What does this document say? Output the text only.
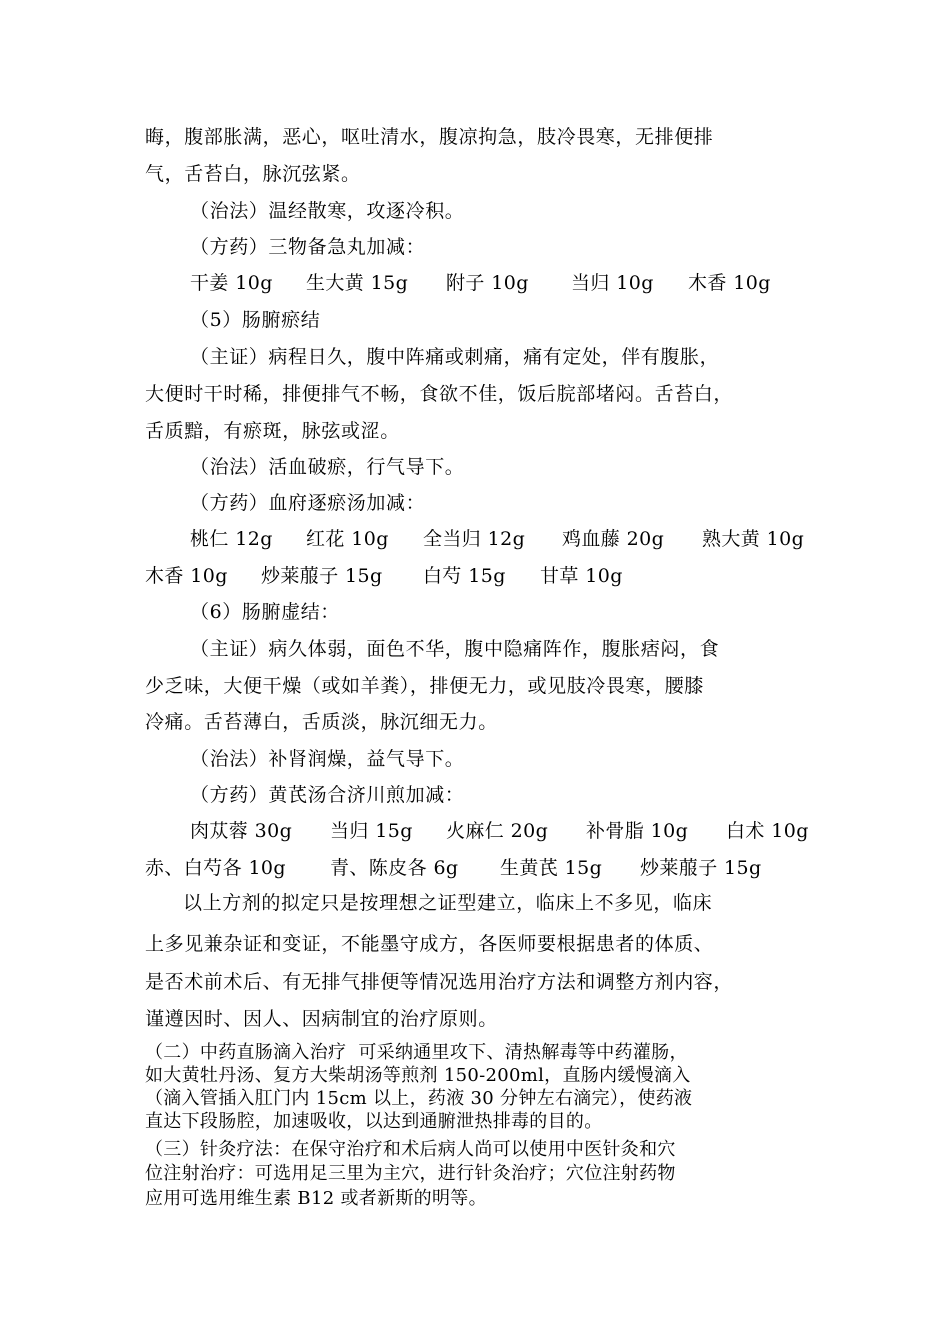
晦，腹部胀满，恶心，呕吐清水，腹凉拘急，肢冷畏寒，无排便排
气，舌苔白，脉沉弦紧。
（治法）温经散寒，攻逐冷积。
（方药）三物备急丸加减：
干姜 10g 生大黄 15g 附子 10g 当归 10g 木香 10g
（5）肠腑瘀结
（主证）病程日久，腹中阵痛或刺痛，痛有定处，伴有腹胀，
大便时干时稀，排便排气不畅，食欲不佳，饭后脘部堵闷。舌苔白，
舌质黯，有瘀斑，脉弦或涩。
（治法）活血破瘀，行气导下。
（方药）血府逐瘀汤加减：
桃仁 12g 红花 10g 全当归 12g 鸡血藤 20g 熟大黄 10g
木香 10g 炒莱菔子 15g 白芍 15g 甘草 10g
（6）肠腑虚结：
（主证）病久体弱，面色不华，腹中隐痛阵作，腹胀痞闷，食
少乏味，大便干燥（或如羊粪），排便无力，或见肢冷畏寒，腰膝
冷痛。舌苔薄白，舌质淡，脉沉细无力。
（治法）补肾润燥，益气导下。
（方药）黄芪汤合济川煎加减：
肉苁蓉 30g 当归 15g 火麻仁 20g 补骨脂 10g 白术 10g
赤、白芍各 10g 青、陈皮各 6g 生黄芪 15g 炒莱菔子 15g
以上方剂的拟定只是按理想之证型建立，临床上不多见，临床
上多见兼杂证和变证，不能墨守成方，各医师要根据患者的体质、
是否术前术后、有无排气排便等情况选用治疗方法和调整方剂内容，
谨遵因时、因人、因病制宜的治疗原则。
（二）中药直肠滴入治疗  可采纳通里攻下、清热解毒等中药灌肠，
如大黄牡丹汤、复方大柴胡汤等煎剂 150-200ml，直肠内缓慢滴入
（滴入管插入肛门内 15cm 以上，药液 30 分钟左右滴完），使药液
直达下段肠腔，加速吸收，以达到通腑泄热排毒的目的。
（三）针灸疗法：在保守治疗和术后病人尚可以使用中医针灸和穴
位注射治疗：可选用足三里为主穴，进行针灸治疗；穴位注射药物
应用可选用维生素 B12 或者新斯的明等。
